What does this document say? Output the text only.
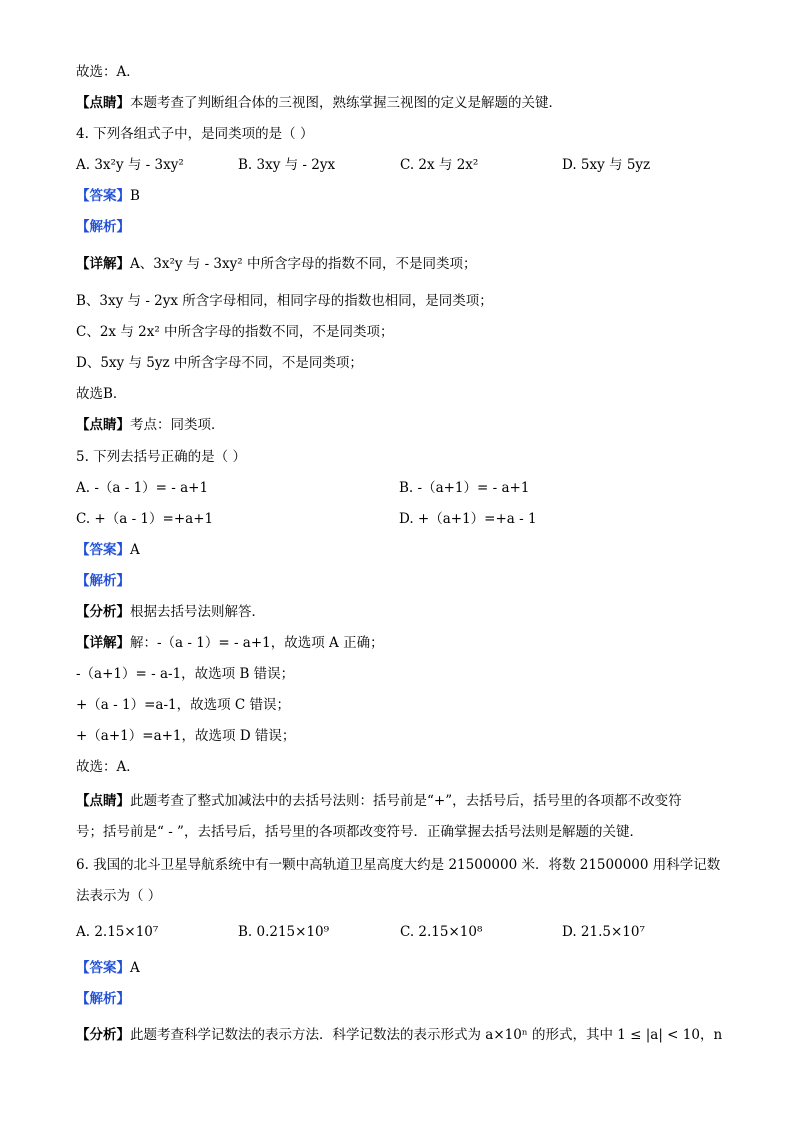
故选：A．
【点睛】本题考查了判断组合体的三视图，熟练掌握三视图的定义是解题的关键．
4. 下列各组式子中，是同类项的是（ ）
A. 3x²y 与 - 3xy²	B. 3xy 与 - 2yx	C. 2x 与 2x²	D. 5xy 与 5yz
【答案】B
【解析】
【详解】A、3x²y 与 - 3xy² 中所含字母的指数不同，不是同类项；
B、3xy 与 - 2yx 所含字母相同，相同字母的指数也相同，是同类项；
C、2x 与 2x² 中所含字母的指数不同，不是同类项；
D、5xy 与 5yz 中所含字母不同，不是同类项；
故选B．
【点睛】考点：同类项．
5. 下列去括号正确的是（ ）
A. -（a - 1）= - a+1	B. -（a+1）= - a+1
C. +（a - 1）=+a+1	D. +（a+1）=+a - 1
【答案】A
【解析】
【分析】根据去括号法则解答．
【详解】解：-（a - 1）= - a+1，故选项 A 正确；
-（a+1）= - a-1，故选项 B 错误；
+（a - 1）=a-1，故选项 C 错误；
+（a+1）=a+1，故选项 D 错误；
故选：A．
【点睛】此题考查了整式加减法中的去括号法则：括号前是“+”，去括号后，括号里的各项都不改变符
号；括号前是“ - ”，去括号后，括号里的各项都改变符号．正确掌握去括号法则是解题的关键．
6. 我国的北斗卫星导航系统中有一颗中高轨道卫星高度大约是 21500000 米．将数 21500000 用科学记数
法表示为（ ）
A. 2.15×10⁷	B. 0.215×10⁹	C. 2.15×10⁸	D. 21.5×10⁷
【答案】A
【解析】
【分析】此题考查科学记数法的表示方法．科学记数法的表示形式为 a×10ⁿ 的形式，其中 1 ≤ |a| < 10，n
